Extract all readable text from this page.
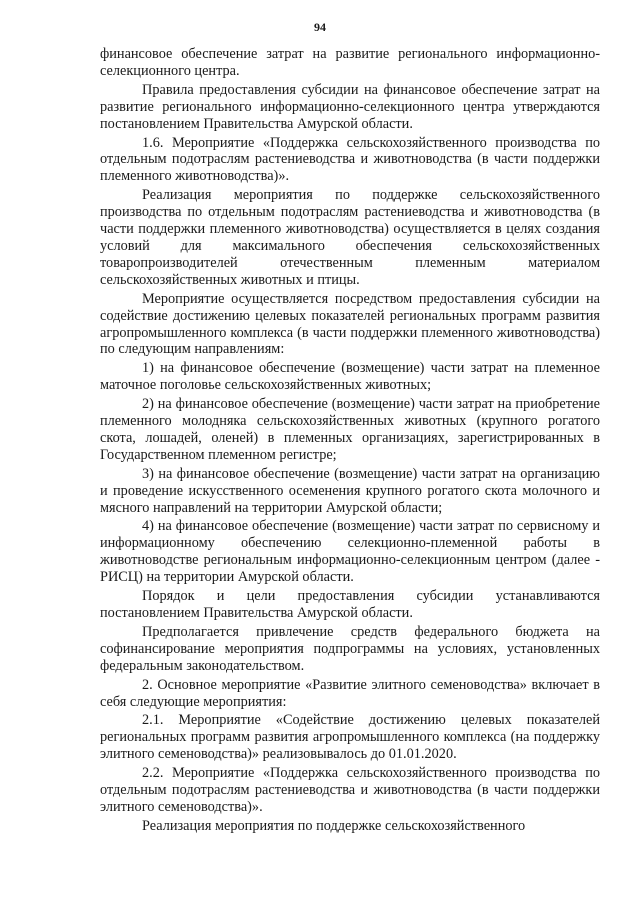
94

финансовое обеспечение затрат на развитие регионального информационно-селекционного центра.

Правила предоставления субсидии на финансовое обеспечение затрат на развитие регионального информационно-селекционного центра утверждаются постановлением Правительства Амурской области.

1.6. Мероприятие «Поддержка сельскохозяйственного производства по отдельным подотраслям растениеводства и животноводства (в части поддержки племенного животноводства)».

Реализация мероприятия по поддержке сельскохозяйственного производства по отдельным подотраслям растениеводства и животноводства (в части поддержки племенного животноводства) осуществляется в целях создания условий для максимального обеспечения сельскохозяйственных товаропроизводителей отечественным племенным материалом сельскохозяйственных животных и птицы.

Мероприятие осуществляется посредством предоставления субсидии на содействие достижению целевых показателей региональных программ развития агропромышленного комплекса (в части поддержки племенного животноводства) по следующим направлениям:

1) на финансовое обеспечение (возмещение) части затрат на племенное маточное поголовье сельскохозяйственных животных;

2) на финансовое обеспечение (возмещение) части затрат на приобретение племенного молодняка сельскохозяйственных животных (крупного рогатого скота, лошадей, оленей) в племенных организациях, зарегистрированных в Государственном племенном регистре;

3) на финансовое обеспечение (возмещение) части затрат на организацию и проведение искусственного осеменения крупного рогатого скота молочного и мясного направлений на территории Амурской области;

4) на финансовое обеспечение (возмещение) части затрат по сервисному и информационному обеспечению селекционно-племенной работы в животноводстве региональным информационно-селекционным центром (далее - РИСЦ) на территории Амурской области.

Порядок и цели предоставления субсидии устанавливаются постановлением Правительства Амурской области.

Предполагается привлечение средств федерального бюджета на софинансирование мероприятия подпрограммы на условиях, установленных федеральным законодательством.

2. Основное мероприятие «Развитие элитного семеноводства» включает в себя следующие мероприятия:

2.1. Мероприятие «Содействие достижению целевых показателей региональных программ развития агропромышленного комплекса (на поддержку элитного семеноводства)» реализовывалось до 01.01.2020.

2.2. Мероприятие «Поддержка сельскохозяйственного производства по отдельным подотраслям растениеводства и животноводства (в части поддержки элитного семеноводства)».

Реализация мероприятия по поддержке сельскохозяйственного
